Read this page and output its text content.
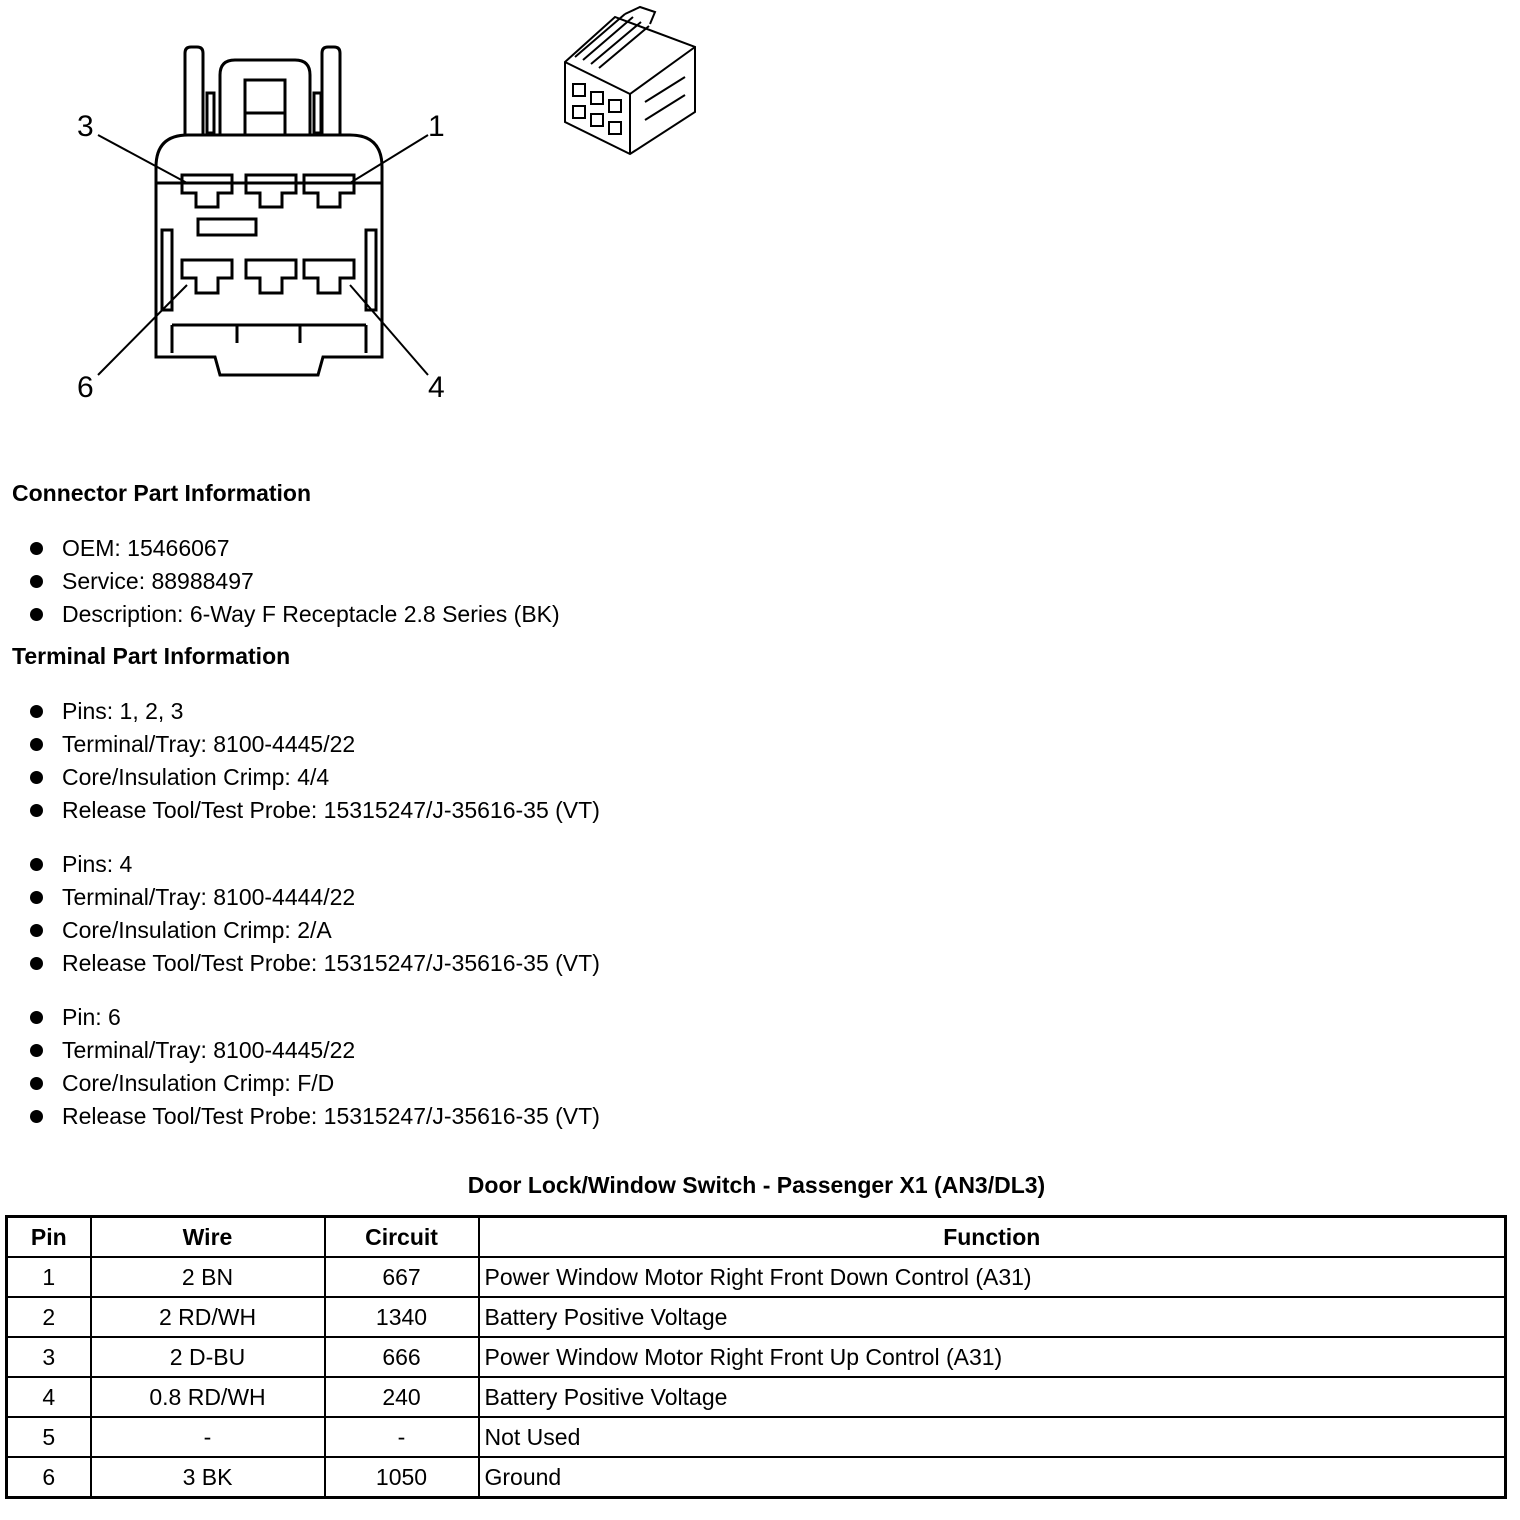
3	1
6	4
Connector Part Information
OEM: 15466067
Service: 88988497
Description: 6-Way F Receptacle 2.8 Series (BK)
Terminal Part Information
Pins: 1, 2, 3
Terminal/Tray: 8100-4445/22
Core/Insulation Crimp: 4/4
Release Tool/Test Probe: 15315247/J-35616-35 (VT)
Pins: 4
Terminal/Tray: 8100-4444/22
Core/Insulation Crimp: 2/A
Release Tool/Test Probe: 15315247/J-35616-35 (VT)
Pin: 6
Terminal/Tray: 8100-4445/22
Core/Insulation Crimp: F/D
Release Tool/Test Probe: 15315247/J-35616-35 (VT)
Door Lock/Window Switch - Passenger X1 (AN3/DL3)
Pin	Wire	Circuit	Function
1	2 BN	667	Power Window Motor Right Front Down Control (A31)
2	2 RD/WH	1340	Battery Positive Voltage
3	2 D-BU	666	Power Window Motor Right Front Up Control (A31)
4	0.8 RD/WH	240	Battery Positive Voltage
5	-	-	Not Used
6	3 BK	1050	Ground
